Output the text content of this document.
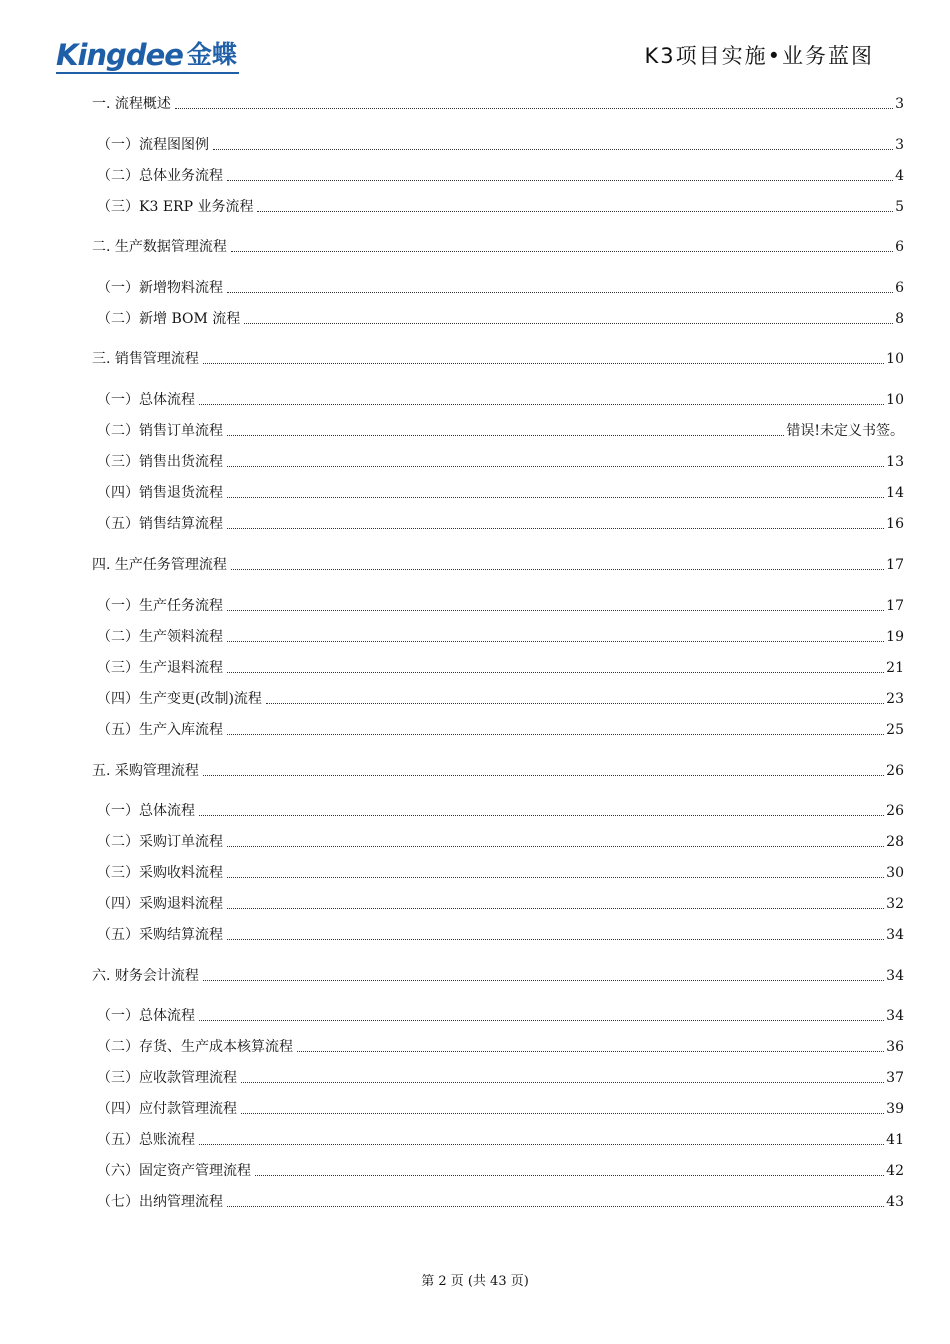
Kingdee 金蝶	K3项目实施•业务蓝图
一. 流程概述	3
（一）流程图图例	3
（二）总体业务流程	4
（三）K3 ERP 业务流程	5
二. 生产数据管理流程	6
（一）新增物料流程	6
（二）新增 BOM 流程	8
三. 销售管理流程	10
（一）总体流程	10
（二）销售订单流程	错误!未定义书签。
（三）销售出货流程	13
（四）销售退货流程	14
（五）销售结算流程	16
四. 生产任务管理流程	17
（一）生产任务流程	17
（二）生产领料流程	19
（三）生产退料流程	21
（四）生产变更(改制)流程	23
（五）生产入库流程	25
五. 采购管理流程	26
（一）总体流程	26
（二）采购订单流程	28
（三）采购收料流程	30
（四）采购退料流程	32
（五）采购结算流程	34
六. 财务会计流程	34
（一）总体流程	34
（二）存货、生产成本核算流程	36
（三）应收款管理流程	37
（四）应付款管理流程	39
（五）总账流程	41
（六）固定资产管理流程	42
（七）出纳管理流程	43
第 2 页 (共 43 页)
